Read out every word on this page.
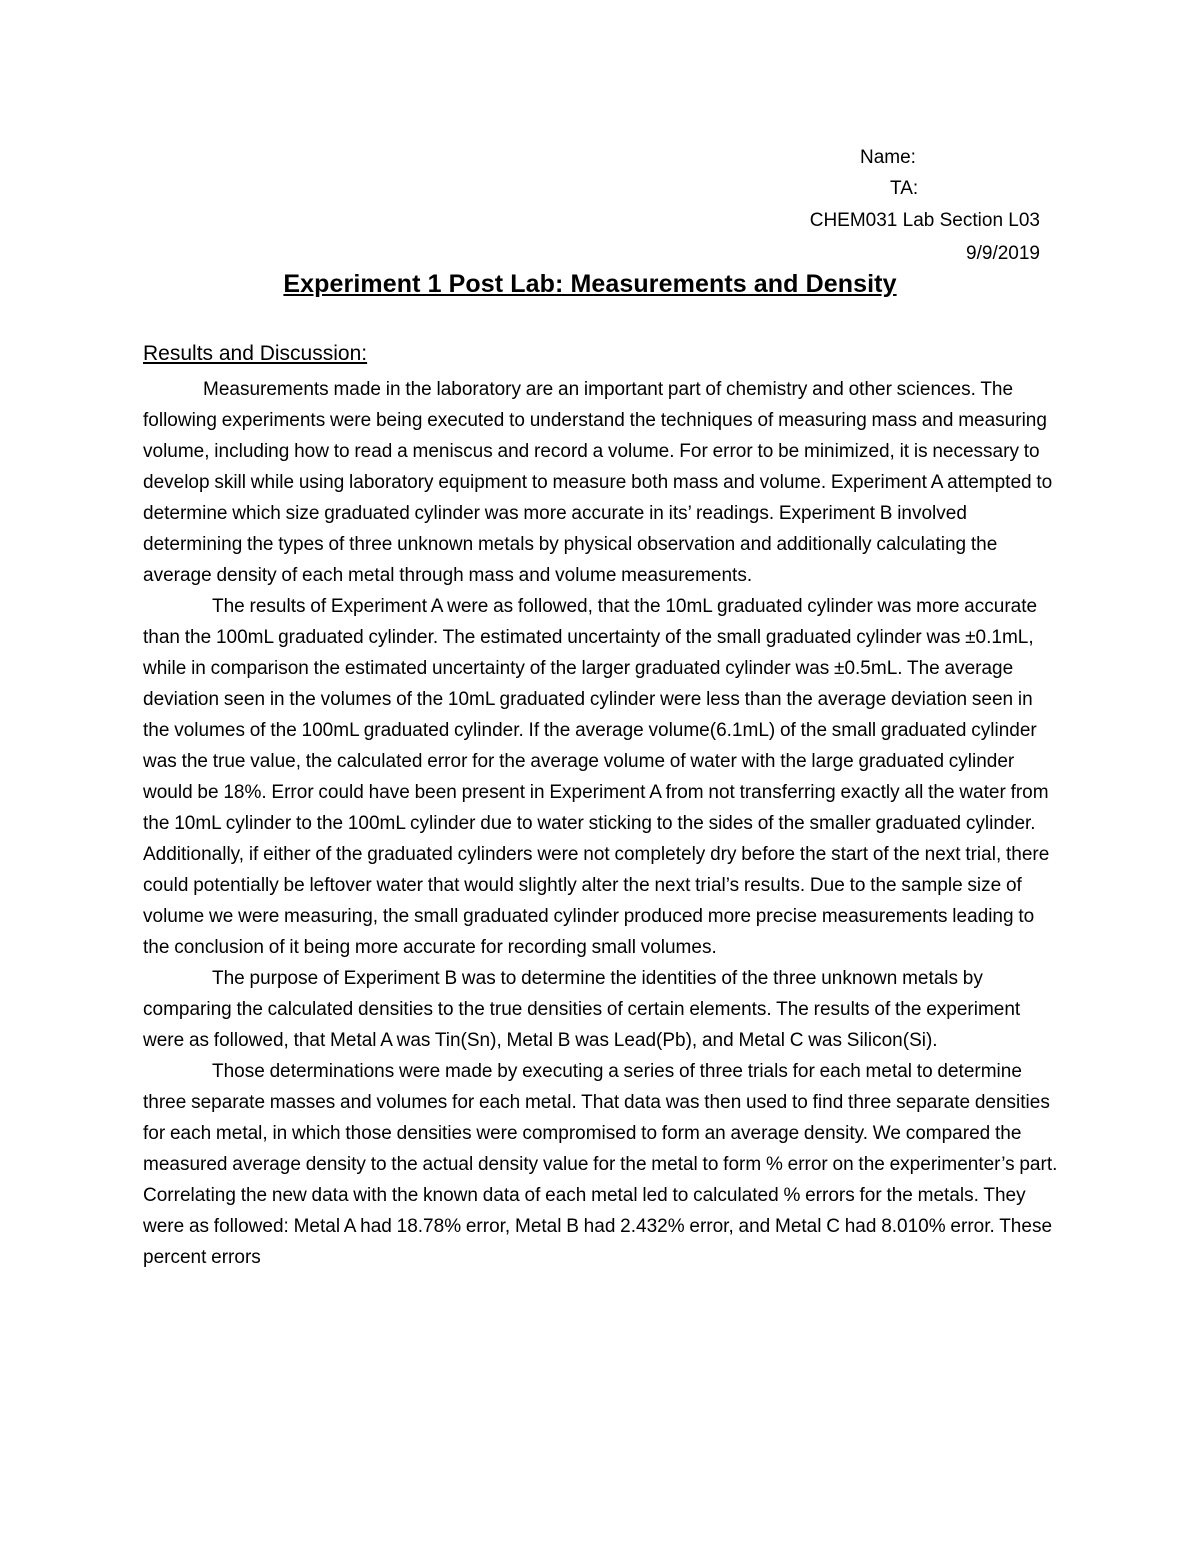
Name:
TA:
CHEM031 Lab Section L03
9/9/2019
Experiment 1 Post Lab: Measurements and Density
Results and Discussion:

Measurements made in the laboratory are an important part of chemistry and other sciences. The following experiments were being executed to understand the techniques of measuring mass and measuring volume, including how to read a meniscus and record a volume. For error to be minimized, it is necessary to develop skill while using laboratory equipment to measure both mass and volume. Experiment A attempted to determine which size graduated cylinder was more accurate in its’ readings. Experiment B involved determining the types of three unknown metals by physical observation and additionally calculating the average density of each metal through mass and volume measurements.

The results of Experiment A were as followed, that the 10mL graduated cylinder was more accurate than the 100mL graduated cylinder. The estimated uncertainty of the small graduated cylinder was ±0.1mL, while in comparison the estimated uncertainty of the larger graduated cylinder was ±0.5mL. The average deviation seen in the volumes of the 10mL graduated cylinder were less than the average deviation seen in the volumes of the 100mL graduated cylinder. If the average volume(6.1mL) of the small graduated cylinder was the true value, the calculated error for the average volume of water with the large graduated cylinder would be 18%. Error could have been present in Experiment A from not transferring exactly all the water from the 10mL cylinder to the 100mL cylinder due to water sticking to the sides of the smaller graduated cylinder. Additionally, if either of the graduated cylinders were not completely dry before the start of the next trial, there could potentially be leftover water that would slightly alter the next trial’s results. Due to the sample size of volume we were measuring, the small graduated cylinder produced more precise measurements leading to the conclusion of it being more accurate for recording small volumes.

The purpose of Experiment B was to determine the identities of the three unknown metals by comparing the calculated densities to the true densities of certain elements. The results of the experiment were as followed, that Metal A was Tin(Sn), Metal B was Lead(Pb), and Metal C was Silicon(Si).

Those determinations were made by executing a series of three trials for each metal to determine three separate masses and volumes for each metal. That data was then used to find three separate densities for each metal, in which those densities were compromised to form an average density. We compared the measured average density to the actual density value for the metal to form % error on the experimenter’s part. Correlating the new data with the known data of each metal led to calculated % errors for the metals. They were as followed: Metal A had 18.78% error, Metal B had 2.432% error, and Metal C had 8.010% error. These percent errors
